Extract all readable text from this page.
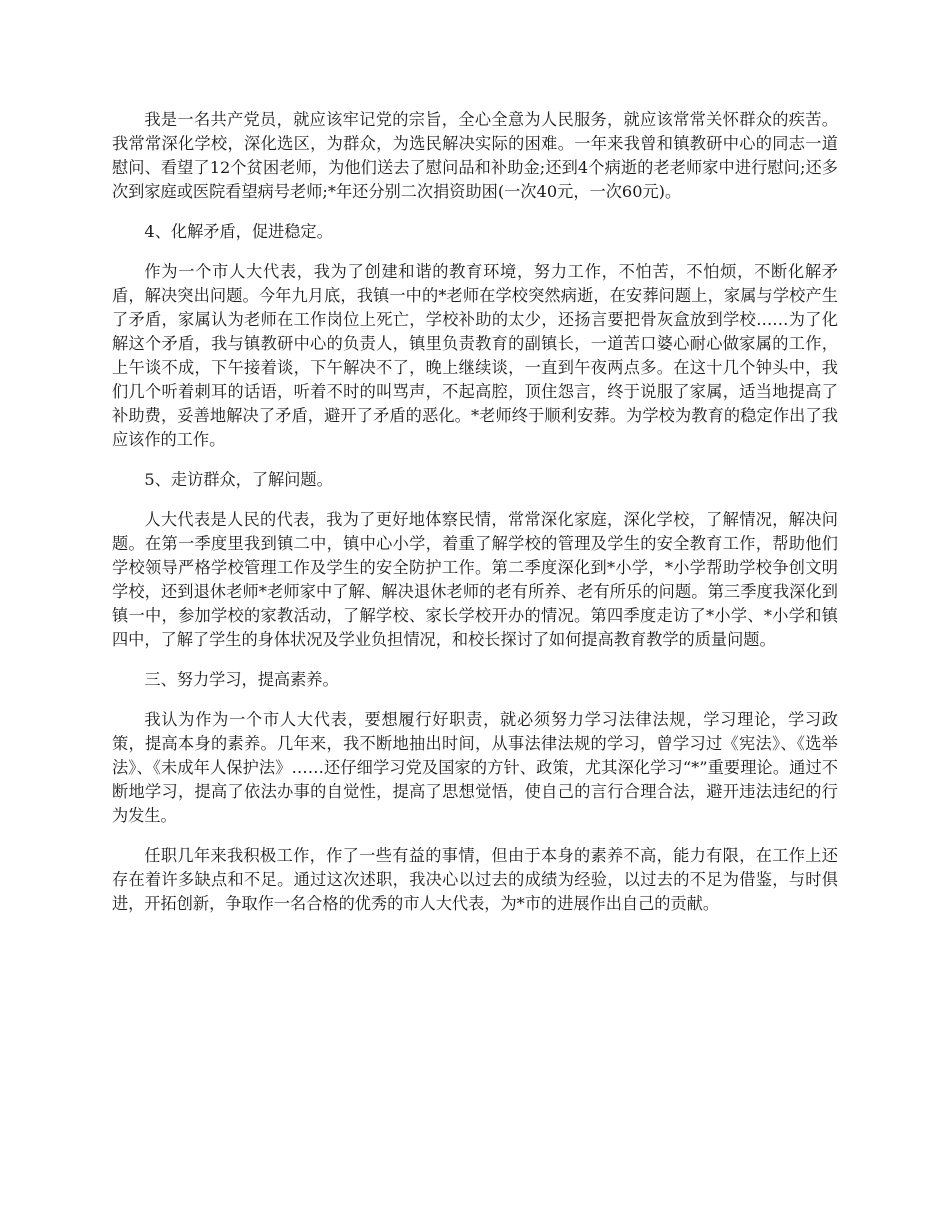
我是一名共产党员，就应该牢记党的宗旨，全心全意为人民服务，就应该常常关怀群众的疾苦。我常常深化学校，深化选区，为群众，为选民解决实际的困难。一年来我曾和镇教研中心的同志一道慰问、看望了12个贫困老师，为他们送去了慰问品和补助金;还到4个病逝的老老师家中进行慰问;还多次到家庭或医院看望病号老师;*年还分别二次捐资助困(一次40元，一次60元)。

4、化解矛盾，促进稳定。

作为一个市人大代表，我为了创建和谐的教育环境，努力工作，不怕苦，不怕烦，不断化解矛盾，解决突出问题。今年九月底，我镇一中的*老师在学校突然病逝，在安葬问题上，家属与学校产生了矛盾，家属认为老师在工作岗位上死亡，学校补助的太少，还扬言要把骨灰盒放到学校……为了化解这个矛盾，我与镇教研中心的负责人，镇里负责教育的副镇长，一道苦口婆心耐心做家属的工作，上午谈不成，下午接着谈，下午解决不了，晚上继续谈，一直到午夜两点多。在这十几个钟头中，我们几个听着刺耳的话语，听着不时的叫骂声，不起高腔，顶住怨言，终于说服了家属，适当地提高了补助费，妥善地解决了矛盾，避开了矛盾的恶化。*老师终于顺利安葬。为学校为教育的稳定作出了我应该作的工作。

5、走访群众，了解问题。

人大代表是人民的代表，我为了更好地体察民情，常常深化家庭，深化学校，了解情况，解决问题。在第一季度里我到镇二中，镇中心小学，着重了解学校的管理及学生的安全教育工作，帮助他们学校领导严格学校管理工作及学生的安全防护工作。第二季度深化到*小学，*小学帮助学校争创文明学校，还到退休老师*老师家中了解、解决退休老师的老有所养、老有所乐的问题。第三季度我深化到镇一中，参加学校的家教活动，了解学校、家长学校开办的情况。第四季度走访了*小学、*小学和镇四中，了解了学生的身体状况及学业负担情况，和校长探讨了如何提高教育教学的质量问题。

三、努力学习，提高素养。

我认为作为一个市人大代表，要想履行好职责，就必须努力学习法律法规，学习理论，学习政策，提高本身的素养。几年来，我不断地抽出时间，从事法律法规的学习，曾学习过《宪法》、《选举法》、《未成年人保护法》……还仔细学习党及国家的方针、政策，尤其深化学习“*”重要理论。通过不断地学习，提高了依法办事的自觉性，提高了思想觉悟，使自己的言行合理合法，避开违法违纪的行为发生。

任职几年来我积极工作，作了一些有益的事情，但由于本身的素养不高，能力有限，在工作上还存在着许多缺点和不足。通过这次述职，我决心以过去的成绩为经验，以过去的不足为借鉴，与时俱进，开拓创新，争取作一名合格的优秀的市人大代表，为*市的进展作出自己的贡献。
